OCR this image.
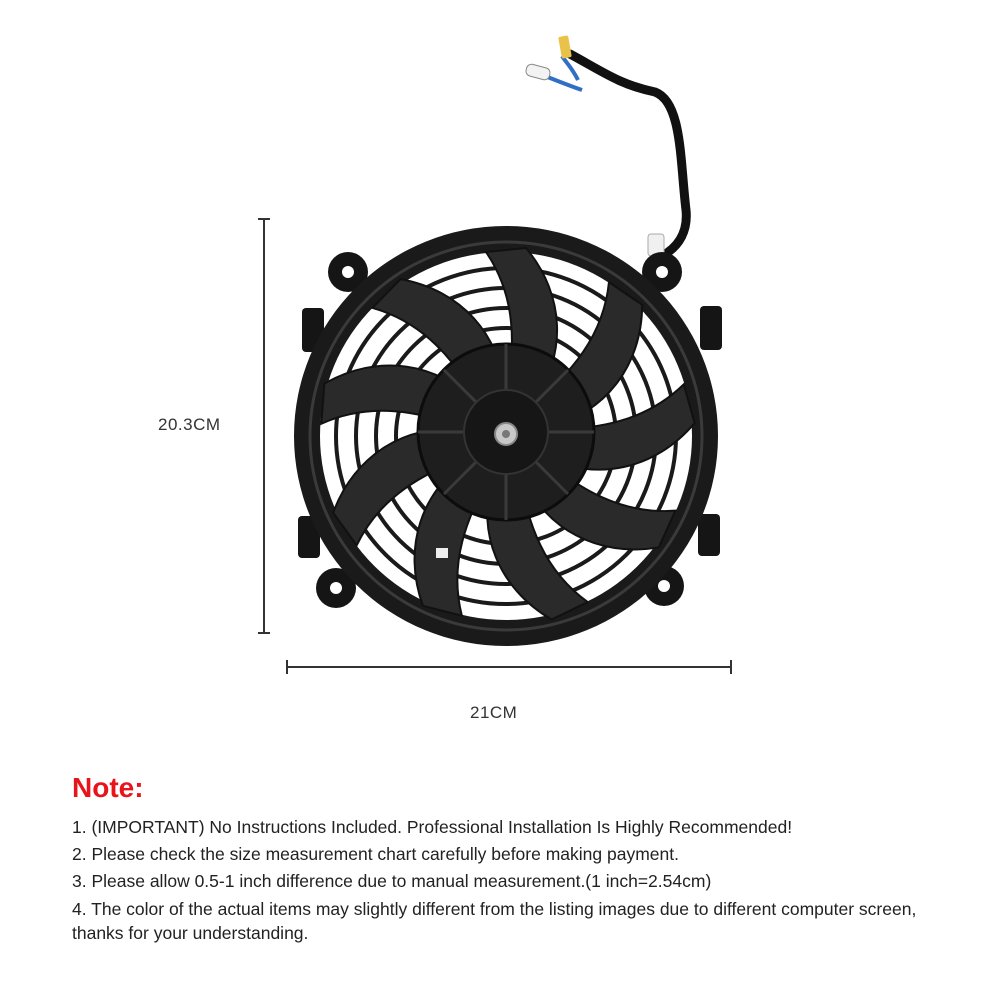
20.3CM
21CM
Note:
1. (IMPORTANT) No Instructions Included. Professional Installation Is Highly Recommended!
2. Please check the size measurement chart carefully before making payment.
3. Please allow 0.5-1 inch difference due to manual measurement.(1 inch=2.54cm)
4. The color of the actual items may slightly different from the listing images due to different computer screen, thanks for your understanding.
